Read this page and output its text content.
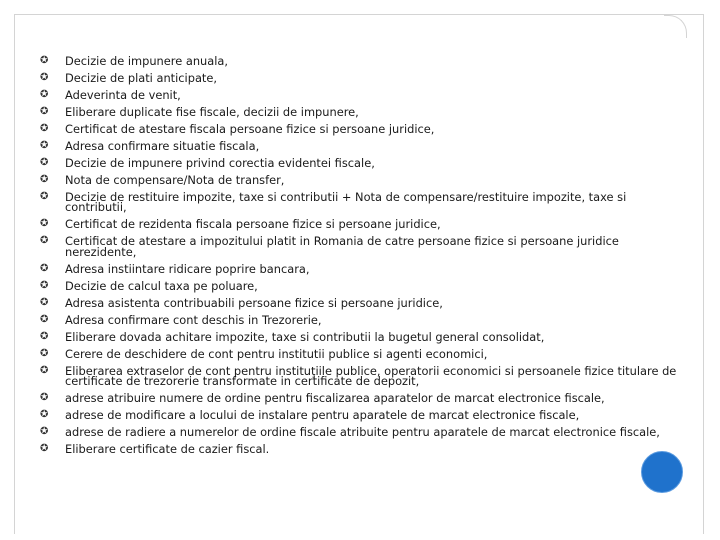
✪ Decizie de impunere anuala,
✪ Decizie de plati anticipate,
✪ Adeverinta de venit,
✪ Eliberare duplicate fise fiscale, decizii de impunere,
✪ Certificat de atestare fiscala persoane fizice si persoane juridice,
✪ Adresa confirmare situatie fiscala,
✪ Decizie de impunere privind corectia evidentei fiscale,
✪ Nota de compensare/Nota de transfer,
✪ Decizie de restituire impozite, taxe si contributii + Nota de compensare/restituire impozite, taxe si contributii,
✪ Certificat de rezidenta fiscala persoane fizice si persoane juridice,
✪ Certificat de atestare a impozitului platit in Romania de catre persoane fizice si persoane juridice nerezidente,
✪ Adresa instiintare ridicare poprire bancara,
✪ Decizie de calcul taxa pe poluare,
✪ Adresa asistenta contribuabili persoane fizice si persoane juridice,
✪ Adresa confirmare cont deschis in Trezorerie,
✪ Eliberare dovada achitare impozite, taxe si contributii la bugetul general consolidat,
✪ Cerere de deschidere de cont pentru institutii publice si agenti economici,
✪ Eliberarea extraselor de cont pentru instituţiile publice, operatorii economici si persoanele fizice titulare de certificate de trezorerie transformate in certificate de depozit,
✪ adrese atribuire numere de ordine pentru fiscalizarea aparatelor de marcat electronice fiscale,
✪ adrese de modificare a locului de instalare pentru aparatele de marcat electronice fiscale,
✪ adrese de radiere a numerelor de ordine fiscale atribuite pentru aparatele de marcat electronice fiscale,
✪ Eliberare certificate de cazier fiscal.
